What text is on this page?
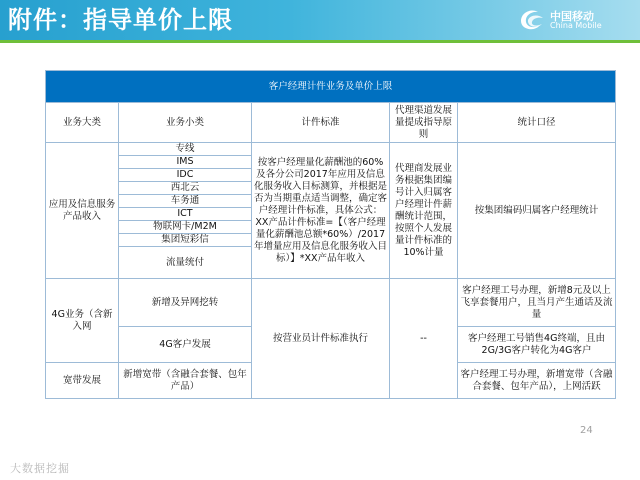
附件：指导单价上限	中国移动
China Mobile
客户经理计件业务及单价上限				
业务大类	业务小类	计件标准	代理渠道发展量提成指导原则	统计口径
应用及信息服务产品收入	专线	按客户经理量化薪酬池的60%及各分公司2017年应用及信息化服务收入目标测算，并根据是否为当期重点适当调整，确定客户经理计件标准，具体公式：XX产品计件标准=【（客户经理量化薪酬池总额*60%）/2017年增量应用及信息化服务收入目标）】*XX产品年收入	代理商发展业务根据集团编号计入归属客户经理计件薪酬统计范围，按照个人发展量计件标准的10%计量	按集团编码归属客户经理统计
	IMS			
	IDC			
	西北云			
	车务通			
	ICT			
	物联网卡/M2M			
	集团短彩信			
	流量统付			
4G业务（含新入网	新增及异网挖转	按营业员计件标准执行	--	客户经理工号办理，新增8元及以上飞享套餐用户，且当月产生通话及流量
	4G客户发展			客户经理工号销售4G终端，且由2G/3G客户转化为4G客户
宽带发展	新增宽带（含融合套餐、包年产品）			客户经理工号办理，新增宽带（含融合套餐、包年产品），上网活跃
24
大数据挖掘
